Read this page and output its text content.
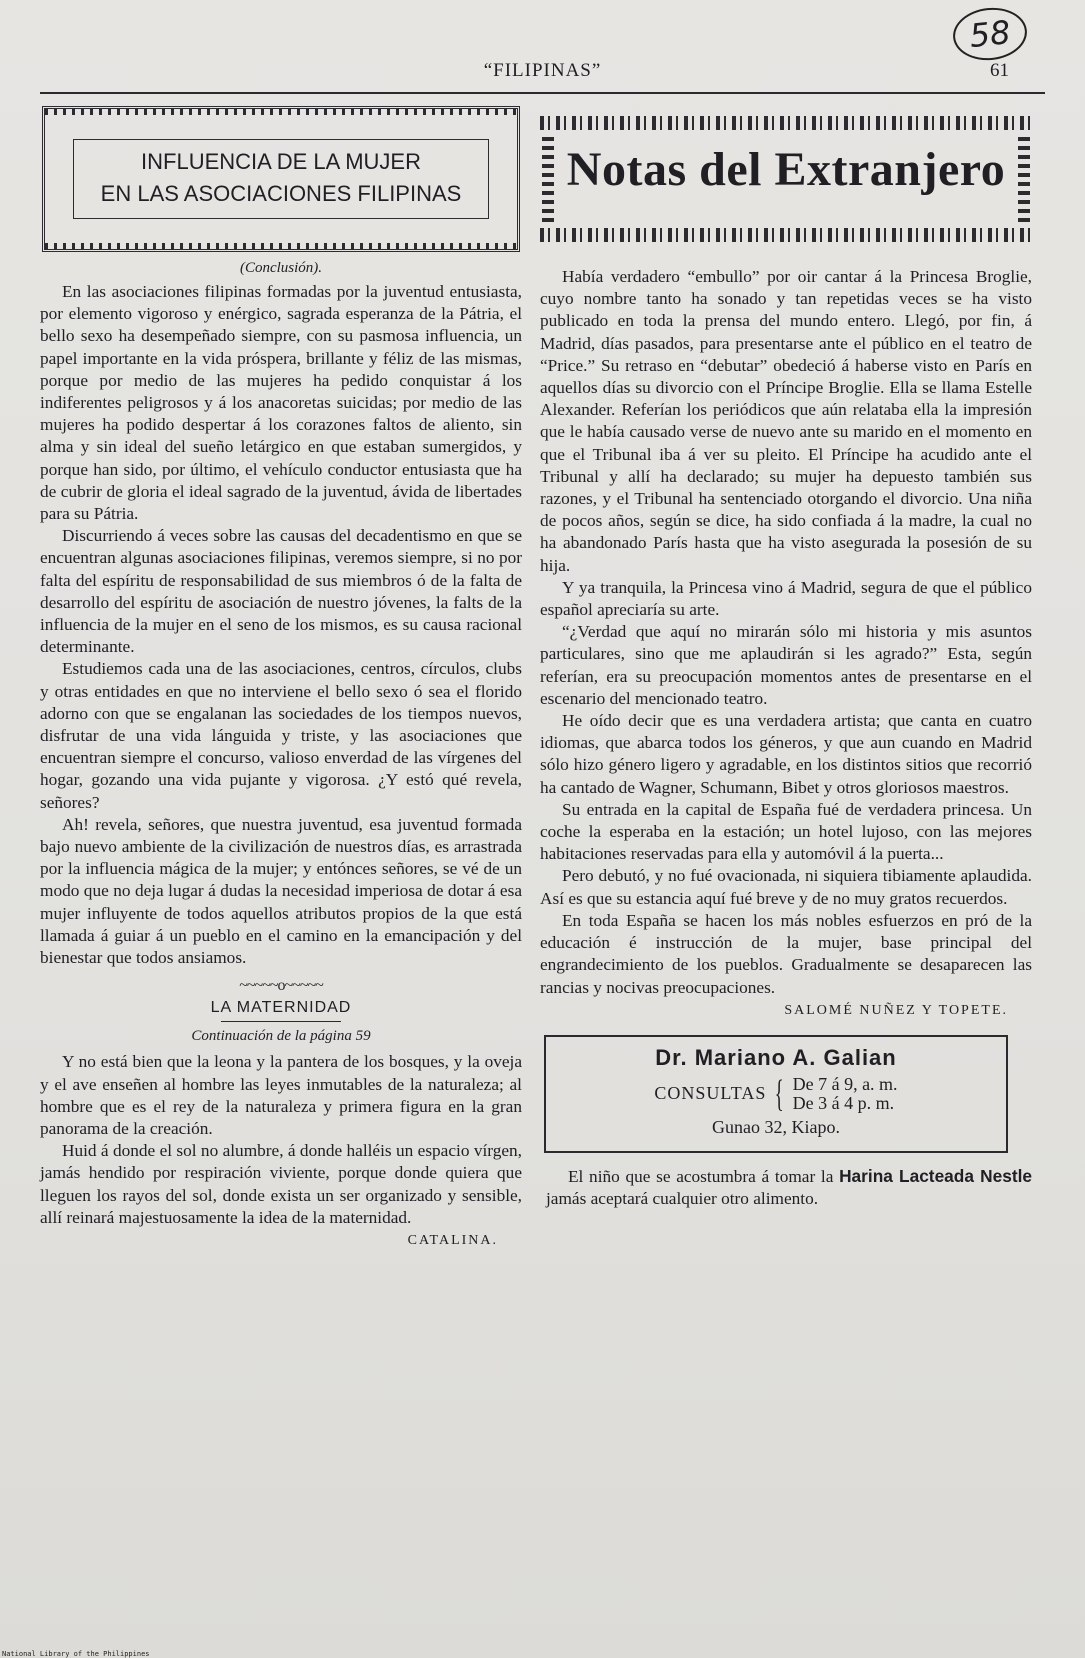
“FILIPINAS”	61
58
INFLUENCIA DE LA MUJER
EN LAS ASOCIACIONES FILIPINAS
(Conclusión).

En las asociaciones filipinas formadas por la juventud entusiasta, por elemento vigoroso y enérgico, sagrada esperanza de la Pátria, el bello sexo ha desempeñado siempre, con su pasmosa influencia, un papel importante en la vida próspera, brillante y féliz de las mismas, porque por medio de las mujeres ha pedido conquistar á los indiferentes peligrosos y á los anacoretas suicidas; por medio de las mujeres ha podido despertar á los corazones faltos de aliento, sin alma y sin ideal del sueño letárgico en que estaban sumergidos, y porque han sido, por último, el vehículo conductor entusiasta que ha de cubrir de gloria el ideal sagrado de la juventud, ávida de libertades para su Pátria.

Discurriendo á veces sobre las causas del decadentismo en que se encuentran algunas asociaciones filipinas, veremos siempre, si no por falta del espíritu de responsabilidad de sus miembros ó de la falta de desarrollo del espíritu de asociación de nuestro jóvenes, la falts de la influencia de la mujer en el seno de los mismos, es su causa racional determinante.

Estudiemos cada una de las asociaciones, centros, círculos, clubs y otras entidades en que no interviene el bello sexo ó sea el florido adorno con que se engalanan las sociedades de los tiempos nuevos, disfrutar de una vida lánguida y triste, y las asociaciones que encuentran siempre el concurso, valioso enverdad de las vírgenes del hogar, gozando una vida pujante y vigorosa. ¿Y estó qué revela, señores?

Ah! revela, señores, que nuestra juventud, esa juventud formada bajo nuevo ambiente de la civilización de nuestros días, es arrastrada por la influencia mágica de la mujer; y entónces señores, se vé de un modo que no deja lugar á dudas la necesidad imperiosa de dotar á esa mujer influyente de todos aquellos atributos propios de la que está llamada á guiar á un pueblo en el camino en la emancipación y del bienestar que todos ansiamos.

~~~~~o~~~~~
LA MATERNIDAD
Continuación de la página 59

Y no está bien que la leona y la pantera de los bosques, y la oveja y el ave enseñen al hombre las leyes inmutables de la naturaleza; al hombre que es el rey de la naturaleza y primera figura en la gran panorama de la creación.

Huid á donde el sol no alumbre, á donde halléis un espacio vírgen, jamás hendido por respiración viviente, porque donde quiera que lleguen los rayos del sol, donde exista un ser organizado y sensible, allí reinará majestuosamente la idea de la maternidad.

CATALINA.
Notas del Extranjero

Había verdadero “embullo” por oir cantar á la Princesa Broglie, cuyo nombre tanto ha sonado y tan repetidas veces se ha visto publicado en toda la prensa del mundo entero. Llegó, por fin, á Madrid, días pasados, para presentarse ante el público en el teatro de “Price.” Su retraso en “debutar” obedeció á haberse visto en París en aquellos días su divorcio con el Príncipe Broglie. Ella se llama Estelle Alexander. Referían los periódicos que aún relataba ella la impresión que le había causado verse de nuevo ante su marido en el momento en que el Tribunal iba á ver su pleito. El Príncipe ha acudido ante el Tribunal y allí ha declarado; su mujer ha depuesto también sus razones, y el Tribunal ha sentenciado otorgando el divorcio. Una niña de pocos años, según se dice, ha sido confiada á la madre, la cual no ha abandonado París hasta que ha visto asegurada la posesión de su hija.

Y ya tranquila, la Princesa vino á Madrid, segura de que el público español apreciaría su arte.

“¿Verdad que aquí no mirarán sólo mi historia y mis asuntos particulares, sino que me aplaudirán si les agrado?” Esta, según referían, era su preocupación momentos antes de presentarse en el escenario del mencionado teatro.

He oído decir que es una verdadera artista; que canta en cuatro idiomas, que abarca todos los géneros, y que aun cuando en Madrid sólo hizo género ligero y agradable, en los distintos sitios que recorrió ha cantado de Wagner, Schumann, Bibet y otros gloriosos maestros.

Su entrada en la capital de España fué de verdadera princesa. Un coche la esperaba en la estación; un hotel lujoso, con las mejores habitaciones reservadas para ella y automóvil á la puerta...

Pero debutó, y no fué ovacionada, ni siquiera tibiamente aplaudida. Así es que su estancia aquí fué breve y de no muy gratos recuerdos.

En toda España se hacen los más nobles esfuerzos en pró de la educación é instrucción de la mujer, base principal del engrandecimiento de los pueblos. Gradualmente se desaparecen las rancias y nocivas preocupaciones.

SALOMÉ NUÑEZ Y TOPETE.
Dr. Mariano A. Galian
CONSULTAS { De 7 á 9, a. m.
De 3 á 4 p. m.
Gunao 32, Kiapo.

El niño que se acostumbra á tomar la Harina Lacteada Nestle jamás aceptará cualquier otro alimento.

National Library of the Philippines
